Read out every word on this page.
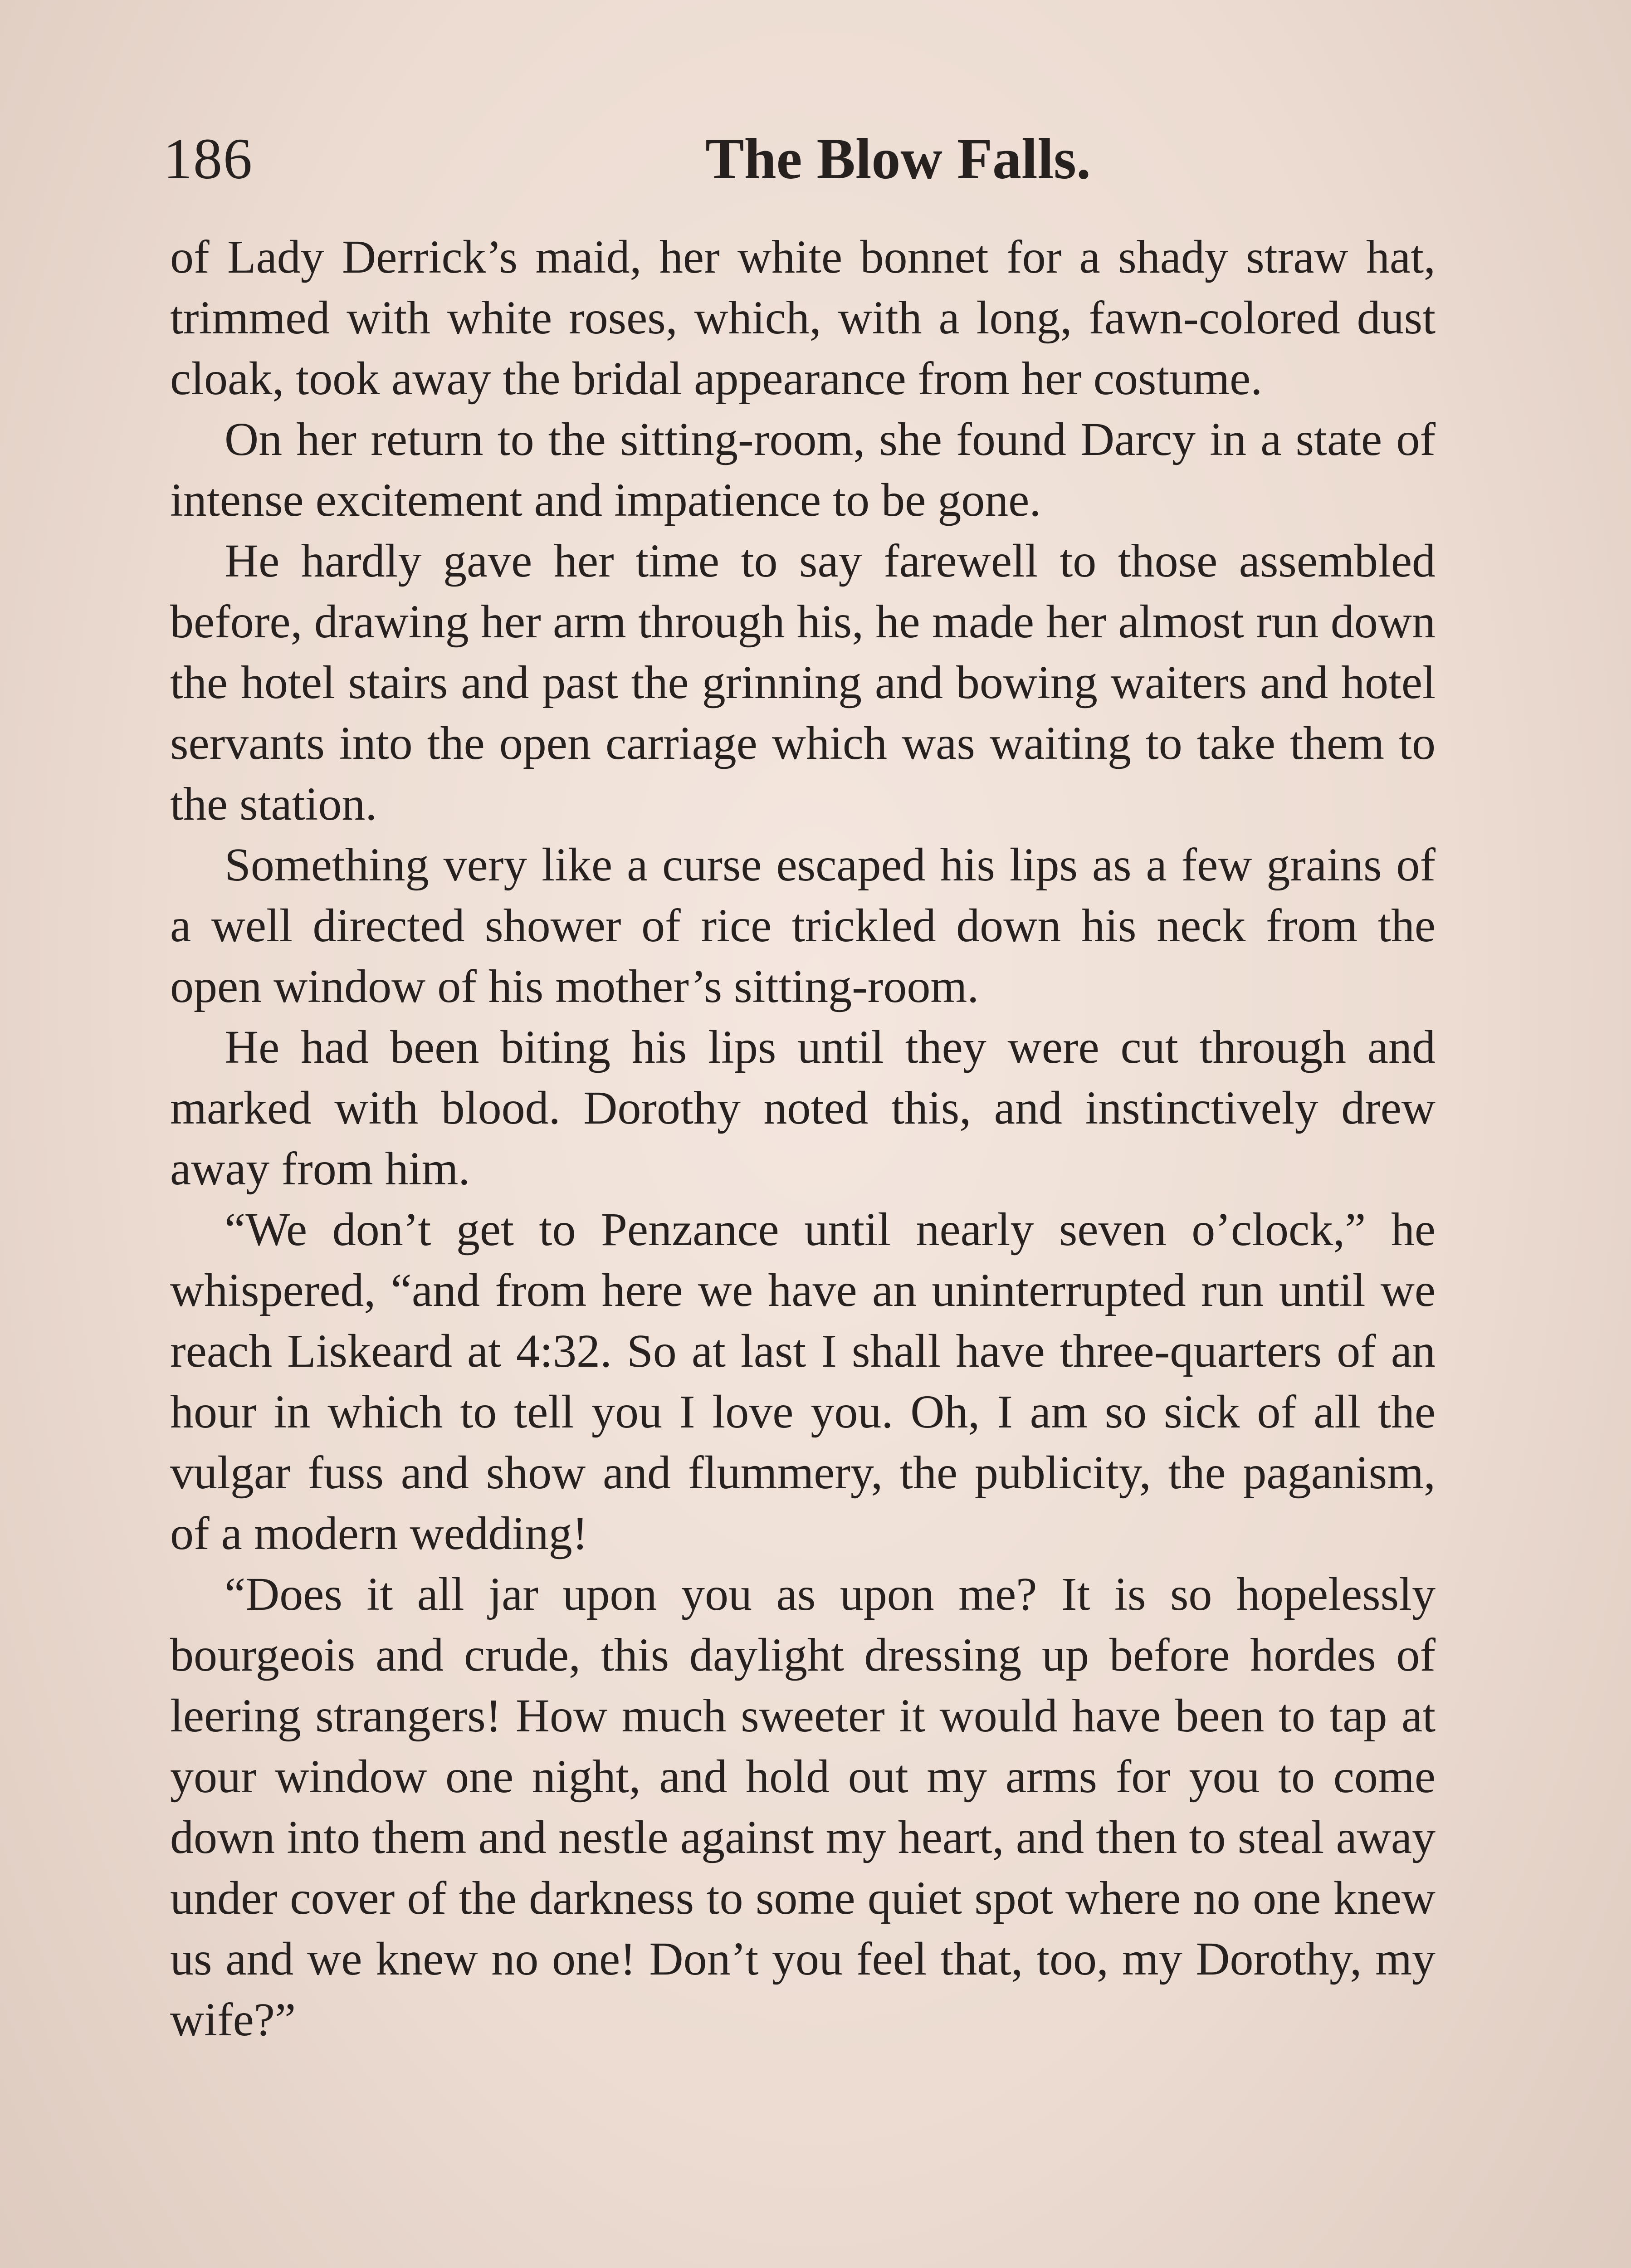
186	The Blow Falls.

of Lady Derrick’s maid, her white bonnet for a shady straw hat, trimmed with white roses, which, with a long, fawn-colored dust cloak, took away the bridal appearance from her costume.

On her return to the sitting-room, she found Darcy in a state of intense excitement and impatience to be gone.

He hardly gave her time to say farewell to those assembled before, drawing her arm through his, he made her almost run down the hotel stairs and past the grinning and bowing waiters and hotel servants into the open carriage which was waiting to take them to the station.

Something very like a curse escaped his lips as a few grains of a well directed shower of rice trickled down his neck from the open window of his mother’s sitting-room.

He had been biting his lips until they were cut through and marked with blood. Dorothy noted this, and instinctively drew away from him.

“We don’t get to Penzance until nearly seven o’clock,” he whispered, “and from here we have an uninterrupted run until we reach Liskeard at 4:32. So at last I shall have three-quarters of an hour in which to tell you I love you. Oh, I am so sick of all the vulgar fuss and show and flummery, the publicity, the paganism, of a modern wedding!

“Does it all jar upon you as upon me? It is so hopelessly bourgeois and crude, this daylight dressing up before hordes of leering strangers! How much sweeter it would have been to tap at your window one night, and hold out my arms for you to come down into them and nestle against my heart, and then to steal away under cover of the darkness to some quiet spot where no one knew us and we knew no one! Don’t you feel that, too, my Dorothy, my wife?”
